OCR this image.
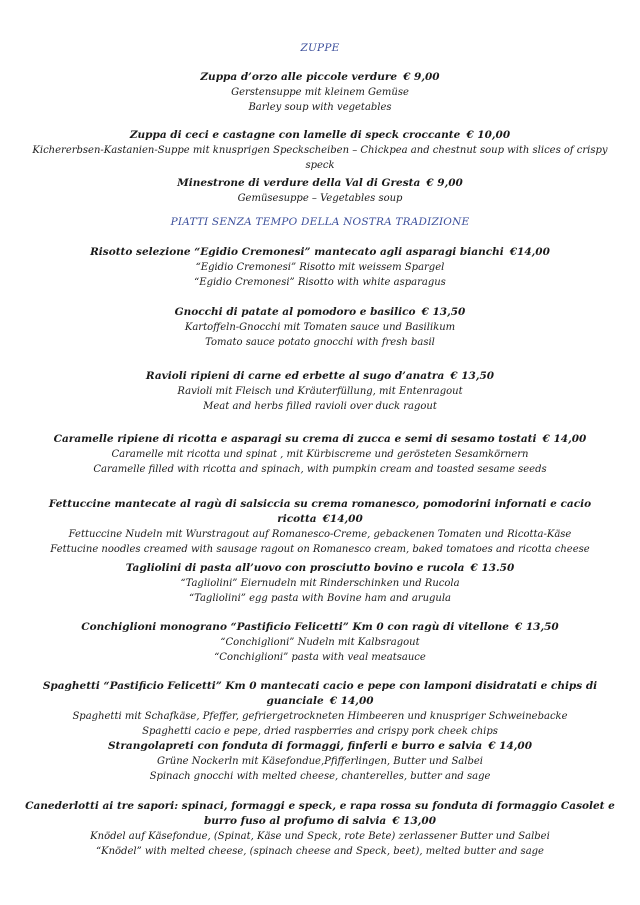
ZUPPE
Zuppa d’orzo alle piccole verdure € 9,00
Gerstensuppe mit kleinem Gemüse
Barley soup with vegetables
Zuppa di ceci e castagne con lamelle di speck croccante € 10,00
Kichererbsen-Kastanien-Suppe mit knusprigen Speckscheiben – Chickpea and chestnut soup with slices of crispy speck
Minestrone di verdure della Val di Gresta € 9,00
Gemüsesuppe – Vegetables soup
PIATTI SENZA TEMPO DELLA NOSTRA TRADIZIONE
Risotto selezione “Egidio Cremonesi” mantecato agli asparagi bianchi €14,00
“Egidio Cremonesi” Risotto mit weissem Spargel
“Egidio Cremonesi” Risotto with white asparagus
Gnocchi di patate al pomodoro e basilico € 13,50
Kartoffeln-Gnocchi mit Tomaten sauce und Basilikum
Tomato sauce potato gnocchi with fresh basil
Ravioli ripieni di carne ed erbette al sugo d’anatra € 13,50
Ravioli mit Fleisch und Kräuterfüllung, mit Entenragout
Meat and herbs filled ravioli over duck ragout
Caramelle ripiene di ricotta e asparagi su crema di zucca e semi di sesamo tostati € 14,00
Caramelle mit ricotta und spinat , mit Kürbiscreme und gerösteten Sesamkörnern
Caramelle filled with ricotta and spinach, with pumpkin cream and toasted sesame seeds
Fettuccine mantecate al ragù di salsiccia su crema romanesco, pomodorini infornati e cacio ricotta €14,00
Fettuccine Nudeln mit Wurstragout auf Romanesco-Creme, gebackenen Tomaten und Ricotta-Käse
Fettucine noodles creamed with sausage ragout on Romanesco cream, baked tomatoes and ricotta cheese
Tagliolini di pasta all’uovo con prosciutto bovino e rucola € 13.50
“Tagliolini” Eiernudeln mit Rinderschinken und Rucola
“Tagliolini” egg pasta with Bovine ham and arugula
Conchiglioni monograno “Pastificio Felicetti” Km 0 con ragù di vitellone € 13,50
“Conchiglioni” Nudeln mit Kalbsragout
“Conchiglioni” pasta with veal meatsauce
Spaghetti “Pastificio Felicetti” Km 0 mantecati cacio e pepe con lamponi disidratati e chips di guanciale € 14,00
Spaghetti mit Schafkäse, Pfeffer, gefriergetrockneten Himbeeren und knuspriger Schweinebacke
Spaghetti cacio e pepe, dried raspberries and crispy pork cheek chips
Strangolapreti con fonduta di formaggi, finferli e burro e salvia € 14,00
Grüne Nockerln mit Käsefondue,Pfifferlingen, Butter und Salbei
Spinach gnocchi with melted cheese, chanterelles, butter and sage
Canederlotti ai tre sapori: spinaci, formaggi e speck, e rapa rossa su fonduta di formaggio Casolet e burro fuso al profumo di salvia € 13,00
Knödel auf Käsefondue, (Spinat, Käse und Speck, rote Bete) zerlassener Butter und Salbei
“Knödel” with melted cheese, (spinach cheese and Speck, beet), melted butter and sage
